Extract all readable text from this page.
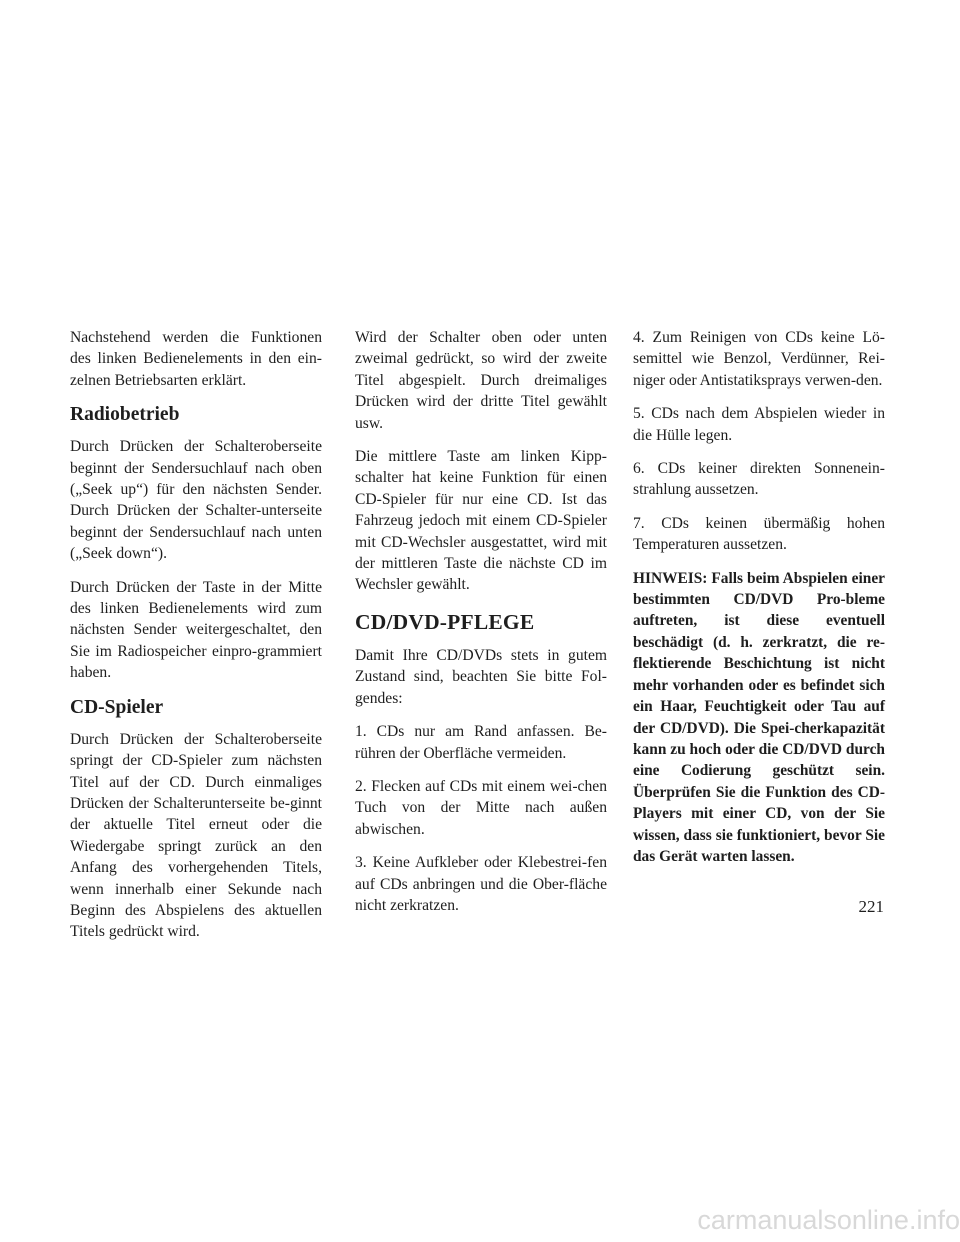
Nachstehend werden die Funktionen des linken Bedienelements in den ein-zelnen Betriebsarten erklärt.

Radiobetrieb

Durch Drücken der Schalteroberseite beginnt der Sendersuchlauf nach oben („Seek up“) für den nächsten Sender. Durch Drücken der Schalter-unterseite beginnt der Sendersuchlauf nach unten („Seek down“).

Durch Drücken der Taste in der Mitte des linken Bedienelements wird zum nächsten Sender weitergeschaltet, den Sie im Radiospeicher einpro-grammiert haben.

CD-Spieler

Durch Drücken der Schalteroberseite springt der CD-Spieler zum nächsten Titel auf der CD. Durch einmaliges Drücken der Schalterunterseite be-ginnt der aktuelle Titel erneut oder die Wiedergabe springt zurück an den Anfang des vorhergehenden Titels, wenn innerhalb einer Sekunde nach Beginn des Abspielens des aktuellen Titels gedrückt wird.

Wird der Schalter oben oder unten zweimal gedrückt, so wird der zweite Titel abgespielt. Durch dreimaliges Drücken wird der dritte Titel gewählt usw.

Die mittlere Taste am linken Kipp-schalter hat keine Funktion für einen CD-Spieler für nur eine CD. Ist das Fahrzeug jedoch mit einem CD-Spieler mit CD-Wechsler ausgestattet, wird mit der mittleren Taste die nächste CD im Wechsler gewählt.

CD/DVD-PFLEGE

Damit Ihre CD/DVDs stets in gutem Zustand sind, beachten Sie bitte Fol-gendes:

1. CDs nur am Rand anfassen. Be-rühren der Oberfläche vermeiden.

2. Flecken auf CDs mit einem wei-chen Tuch von der Mitte nach außen abwischen.

3. Keine Aufkleber oder Klebestrei-fen auf CDs anbringen und die Ober-fläche nicht zerkratzen.

4. Zum Reinigen von CDs keine Lö-semittel wie Benzol, Verdünner, Rei-niger oder Antistatiksprays verwen-den.

5. CDs nach dem Abspielen wieder in die Hülle legen.

6. CDs keiner direkten Sonnenein-strahlung aussetzen.

7. CDs keinen übermäßig hohen Temperaturen aussetzen.

HINWEIS: Falls beim Abspielen einer bestimmten CD/DVD Pro-bleme auftreten, ist diese eventuell beschädigt (d. h. zerkratzt, die re-flektierende Beschichtung ist nicht mehr vorhanden oder es befindet sich ein Haar, Feuchtigkeit oder Tau auf der CD/DVD). Die Spei-cherkapazität kann zu hoch oder die CD/DVD durch eine Codierung geschützt sein. Überprüfen Sie die Funktion des CD-Players mit einer CD, von der Sie wissen, dass sie funktioniert, bevor Sie das Gerät warten lassen.

221
carmanualsonline.info
